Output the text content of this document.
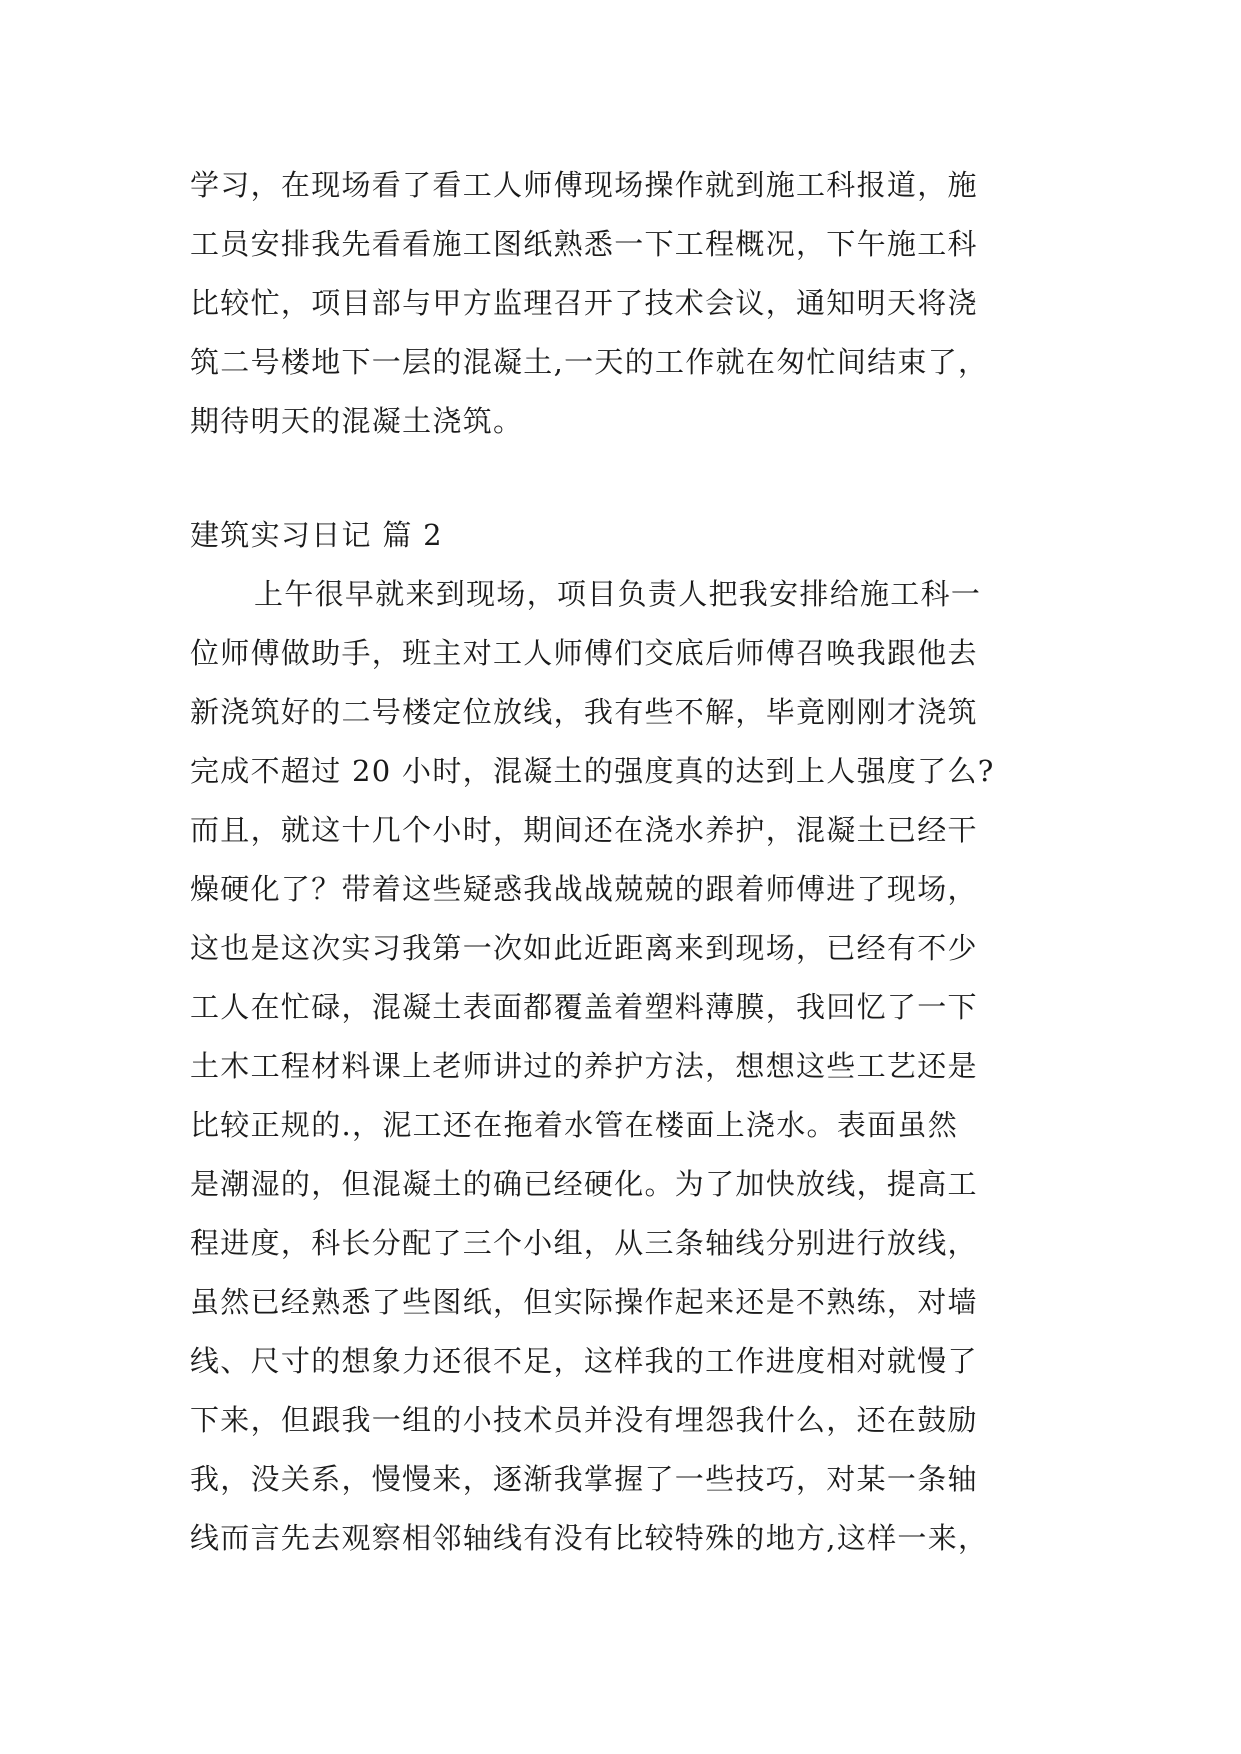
学习，在现场看了看工人师傅现场操作就到施工科报道，施
工员安排我先看看施工图纸熟悉一下工程概况，下午施工科
比较忙，项目部与甲方监理召开了技术会议，通知明天将浇
筑二号楼地下一层的混凝土,一天的工作就在匆忙间结束了，
期待明天的混凝土浇筑。
建筑实习日记 篇 2
上午很早就来到现场，项目负责人把我安排给施工科一
位师傅做助手，班主对工人师傅们交底后师傅召唤我跟他去
新浇筑好的二号楼定位放线，我有些不解，毕竟刚刚才浇筑
完成不超过 20 小时，混凝土的强度真的达到上人强度了么?
而且，就这十几个小时，期间还在浇水养护，混凝土已经干
燥硬化了？带着这些疑惑我战战兢兢的跟着师傅进了现场，
这也是这次实习我第一次如此近距离来到现场，已经有不少
工人在忙碌，混凝土表面都覆盖着塑料薄膜，我回忆了一下
土木工程材料课上老师讲过的养护方法，想想这些工艺还是
比较正规的.，泥工还在拖着水管在楼面上浇水。表面虽然
是潮湿的，但混凝土的确已经硬化。为了加快放线，提高工
程进度，科长分配了三个小组，从三条轴线分别进行放线，
虽然已经熟悉了些图纸，但实际操作起来还是不熟练，对墙
线、尺寸的想象力还很不足，这样我的工作进度相对就慢了
下来，但跟我一组的小技术员并没有埋怨我什么，还在鼓励
我，没关系，慢慢来，逐渐我掌握了一些技巧，对某一条轴
线而言先去观察相邻轴线有没有比较特殊的地方,这样一来，
